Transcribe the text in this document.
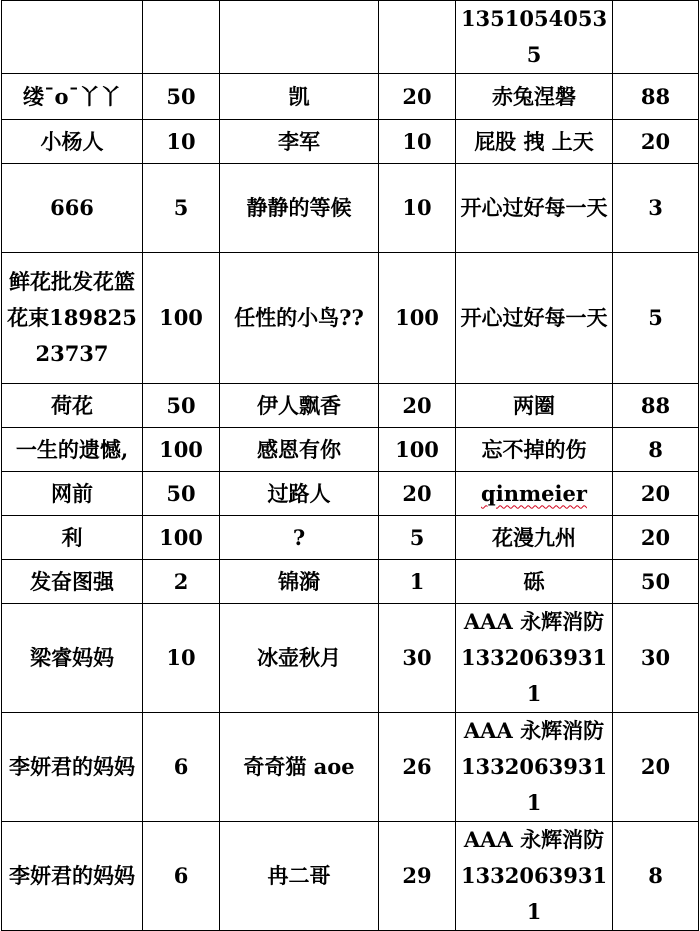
				13510540535	
缕¯o¯丫丫	50	凯	20	赤兔涅磐	88
小杨人	10	李军	10	屁股 拽 上天	20
666	5	静静的等候	10	开心过好每一天	3
鲜花批发花篮花束18982523737	100	任性的小鸟??	100	开心过好每一天	5
荷花	50	伊人飘香	20	两圈	88
一生的遗憾,	100	感恩有你	100	忘不掉的伤	8
网前	50	过路人	20	qinmeier	20
利	100	?	5	花漫九州	20
发奋图强	2	锦漪	1	砾	50
梁睿妈妈	10	冰壶秋月	30	AAA 永辉消防13320639311	30
李妍君的妈妈	6	奇奇猫 aoe	26	AAA 永辉消防13320639311	20
李妍君的妈妈	6	冉二哥	29	AAA 永辉消防13320639311	8
